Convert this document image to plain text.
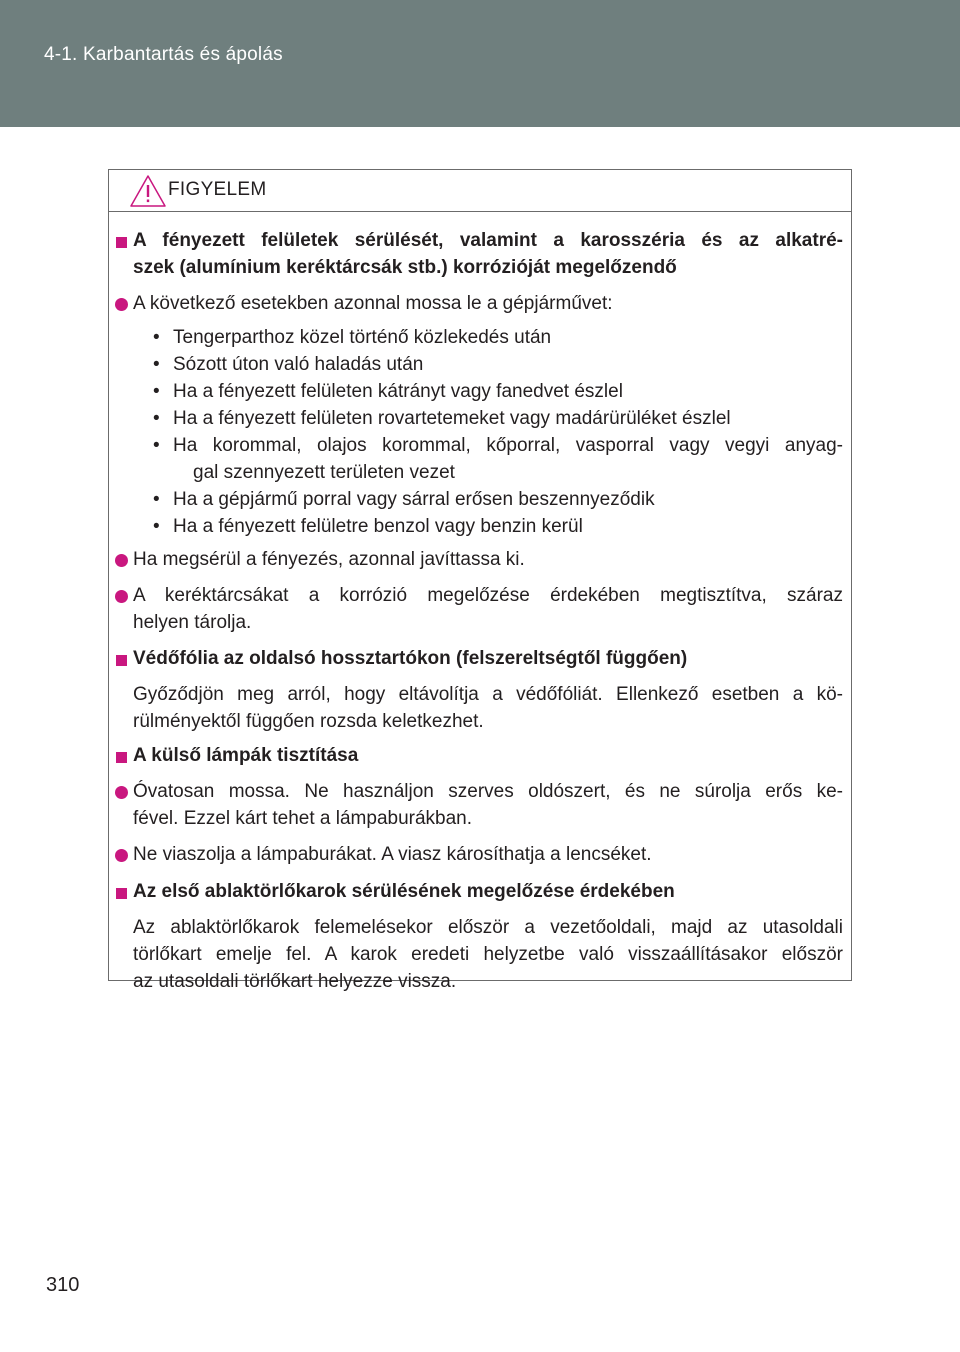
4-1. Karbantartás és ápolás
FIGYELEM
A fényezett felületek sérülését, valamint a karosszéria és az alkatré-
szek (alumínium keréktárcsák stb.) korrózióját megelőzendő
A következő esetekben azonnal mossa le a gépjárművet:
• Tengerparthoz közel történő közlekedés után
• Sózott úton való haladás után
• Ha a fényezett felületen kátrányt vagy fanedvet észlel
• Ha a fényezett felületen rovartetemeket vagy madárürüléket észlel
• Ha korommal, olajos korommal, kőporral, vasporral vagy vegyi anyag-
gal szennyezett területen vezet
• Ha a gépjármű porral vagy sárral erősen beszennyeződik
• Ha a fényezett felületre benzol vagy benzin kerül
Ha megsérül a fényezés, azonnal javíttassa ki.
A keréktárcsákat a korrózió megelőzése érdekében megtisztítva, száraz
helyen tárolja.
Védőfólia az oldalsó hossztartókon (felszereltségtől függően)
Győződjön meg arról, hogy eltávolítja a védőfóliát. Ellenkező esetben a kö-
rülményektől függően rozsda keletkezhet.
A külső lámpák tisztítása
Óvatosan mossa. Ne használjon szerves oldószert, és ne súrolja erős ke-
fével. Ezzel kárt tehet a lámpaburákban.
Ne viaszolja a lámpaburákat. A viasz károsíthatja a lencséket.
Az első ablaktörlőkarok sérülésének megelőzése érdekében
Az ablaktörlőkarok felemelésekor először a vezetőoldali, majd az utasoldali
törlőkart emelje fel. A karok eredeti helyzetbe való visszaállításakor először
az utasoldali törlőkart helyezze vissza.
310
